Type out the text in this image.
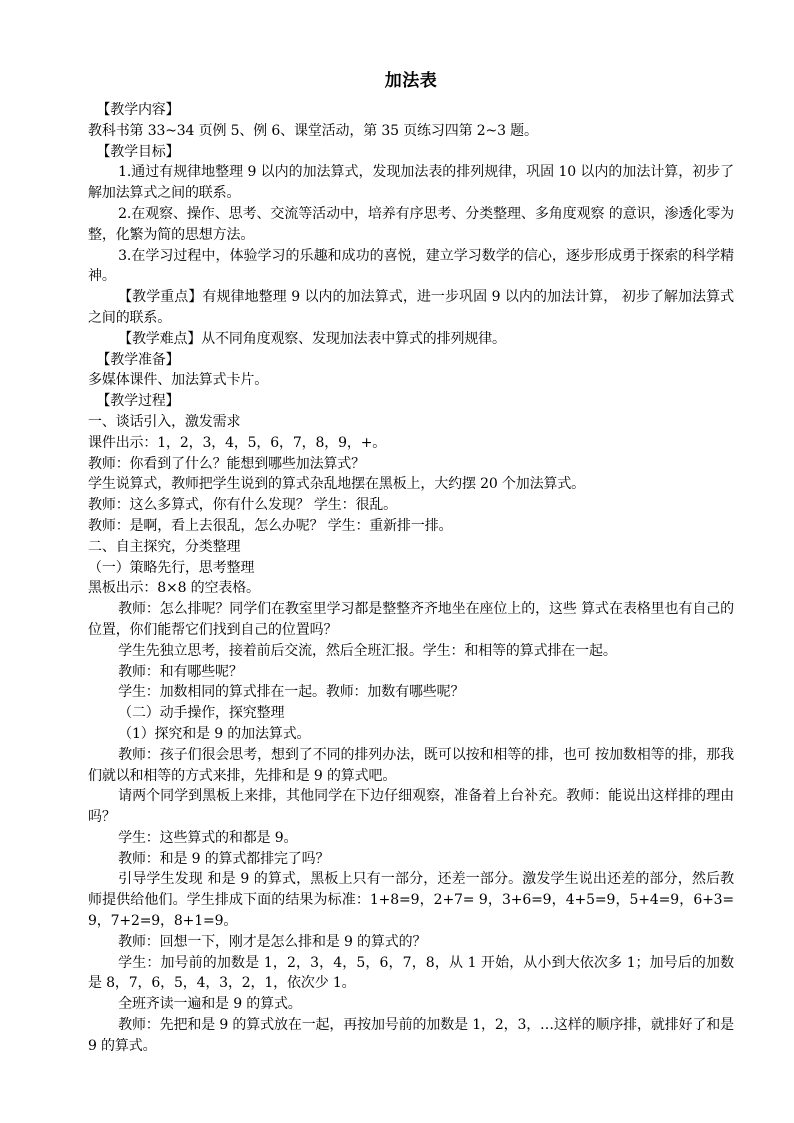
加法表

【教学内容】

教科书第 33~34 页例 5、例 6、课堂活动，第 35 页练习四第 2~3 题。

【教学目标】

1.通过有规律地整理 9 以内的加法算式，发现加法表的排列规律，巩固 10 以内的加法计算，初步了解加法算式之间的联系。

2.在观察、操作、思考、交流等活动中，培养有序思考、分类整理、多角度观察 的意识，渗透化零为整，化繁为简的思想方法。

3.在学习过程中，体验学习的乐趣和成功的喜悦，建立学习数学的信心，逐步形成勇于探索的科学精神。

【教学重点】有规律地整理 9 以内的加法算式，进一步巩固 9 以内的加法计算， 初步了解加法算式之间的联系。

【教学难点】从不同角度观察、发现加法表中算式的排列规律。

【教学准备】

多媒体课件、加法算式卡片。

【教学过程】

一、谈话引入，激发需求

课件出示：1，2，3，4，5，6，7，8，9，+。

教师：你看到了什么？能想到哪些加法算式？

学生说算式，教师把学生说到的算式杂乱地摆在黑板上，大约摆 20 个加法算式。

教师：这么多算式，你有什么发现？ 学生：很乱。

教师：是啊，看上去很乱，怎么办呢？ 学生：重新排一排。

二、自主探究，分类整理

（一）策略先行，思考整理

黑板出示：8×8 的空表格。

教师：怎么排呢？同学们在教室里学习都是整整齐齐地坐在座位上的，这些 算式在表格里也有自己的位置，你们能帮它们找到自己的位置吗？

学生先独立思考，接着前后交流，然后全班汇报。学生：和相等的算式排在一起。

教师：和有哪些呢？

学生：加数相同的算式排在一起。教师：加数有哪些呢？

（二）动手操作，探究整理

（1）探究和是 9 的加法算式。

教师：孩子们很会思考，想到了不同的排列办法，既可以按和相等的排，也可 按加数相等的排，那我们就以和相等的方式来排，先排和是 9 的算式吧。

请两个同学到黑板上来排，其他同学在下边仔细观察，准备着上台补充。教师：能说出这样排的理由吗？

学生：这些算式的和都是 9。

教师：和是 9 的算式都排完了吗？

引导学生发现 和是 9 的算式，黑板上只有一部分，还差一部分。激发学生说出还差的部分，然后教师提供给他们。学生排成下面的结果为标准：1+8=9，2+7= 9，3+6=9，4+5=9，5+4=9，6+3=9，7+2=9，8+1=9。

教师：回想一下，刚才是怎么排和是 9 的算式的？

学生：加号前的加数是 1，2，3，4，5，6，7，8，从 1 开始，从小到大依次多 1；加号后的加数是 8，7，6，5，4，3，2，1，依次少 1。

全班齐读一遍和是 9 的算式。

教师：先把和是 9 的算式放在一起，再按加号前的加数是 1，2，3，…这样的顺序排，就排好了和是 9 的算式。
